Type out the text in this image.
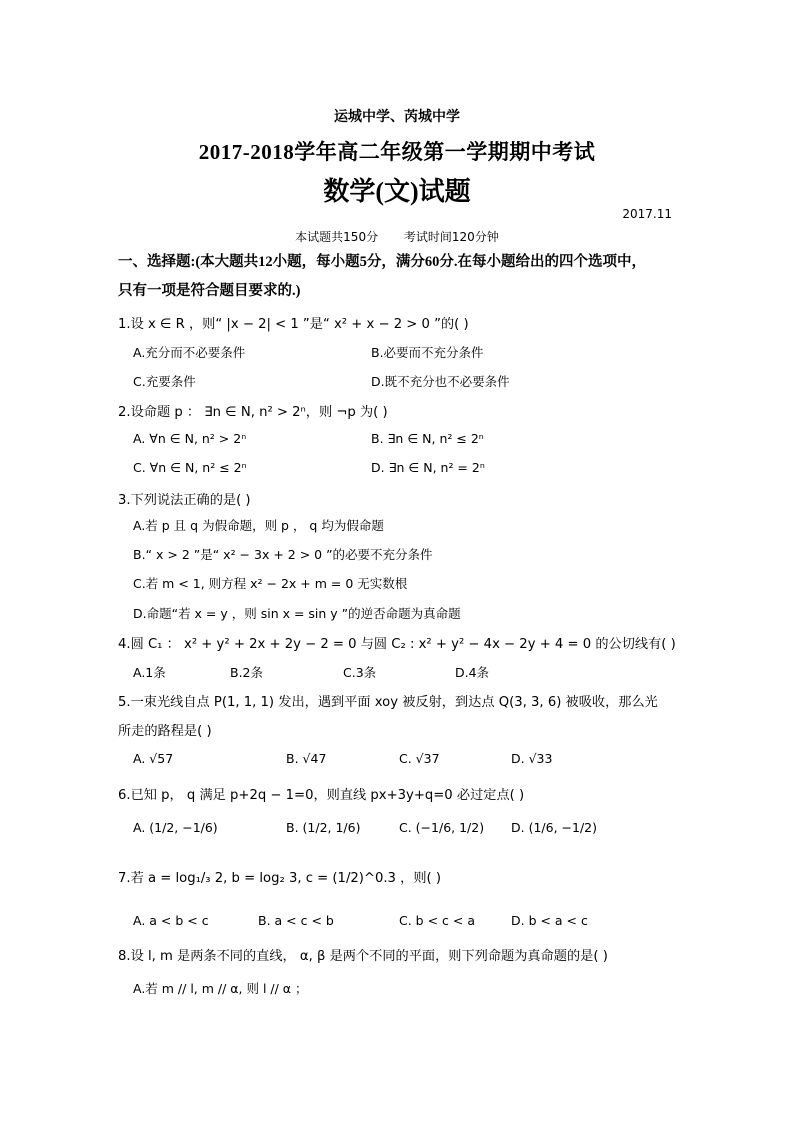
运城中学、芮城中学
2017-2018学年高二年级第一学期期中考试
数学(文)试题
2017.11
本试题共150分 考试时间120分钟
一、选择题:(本大题共12小题，每小题5分，满分60分.在每小题给出的四个选项中，
只有一项是符合题目要求的.)
1.设 x ∈ R ，则“ |x − 2| < 1 ”是“ x² + x − 2 > 0 ”的( )
A.充分而不必要条件	B.必要而不充分条件
C.充要条件	D.既不充分也不必要条件
2.设命题 p ： ∃n ∈ N, n² > 2ⁿ，则 ¬p 为( )
A. ∀n ∈ N, n² > 2ⁿ	B. ∃n ∈ N, n² ≤ 2ⁿ
C. ∀n ∈ N, n² ≤ 2ⁿ	D. ∃n ∈ N, n² = 2ⁿ
3.下列说法正确的是( )
A.若 p 且 q 为假命题，则 p ， q 均为假命题
B.“ x > 2 ”是“ x² − 3x + 2 > 0 ”的必要不充分条件
C.若 m < 1, 则方程 x² − 2x + m = 0 无实数根
D.命题“若 x = y ，则 sin x = sin y ”的逆否命题为真命题
4.圆 C₁ ： x² + y² + 2x + 2y − 2 = 0 与圆 C₂ : x² + y² − 4x − 2y + 4 = 0 的公切线有( )
A.1条	B.2条	C.3条	D.4条
5.一束光线自点 P(1, 1, 1) 发出，遇到平面 xoy 被反射，到达点 Q(3, 3, 6) 被吸收，那么光
所走的路程是( )
A. √57	B. √47	C. √37	D. √33
6.已知 p， q 满足 p+2q − 1=0，则直线 px+3y+q=0 必过定点( )
A. (1/2, −1/6)	B. (1/2, 1/6)	C. (−1/6, 1/2) D. (1/6, −1/2)
7.若 a = log₁/₃ 2, b = log₂ 3, c = (1/2)^0.3 ，则( )
A. a < b < c	B. a < c < b	C. b < c < a	D. b < a < c
8.设 l, m 是两条不同的直线， α, β 是两个不同的平面，则下列命题为真命题的是( )
A.若 m // l, m // α, 则 l // α ；
